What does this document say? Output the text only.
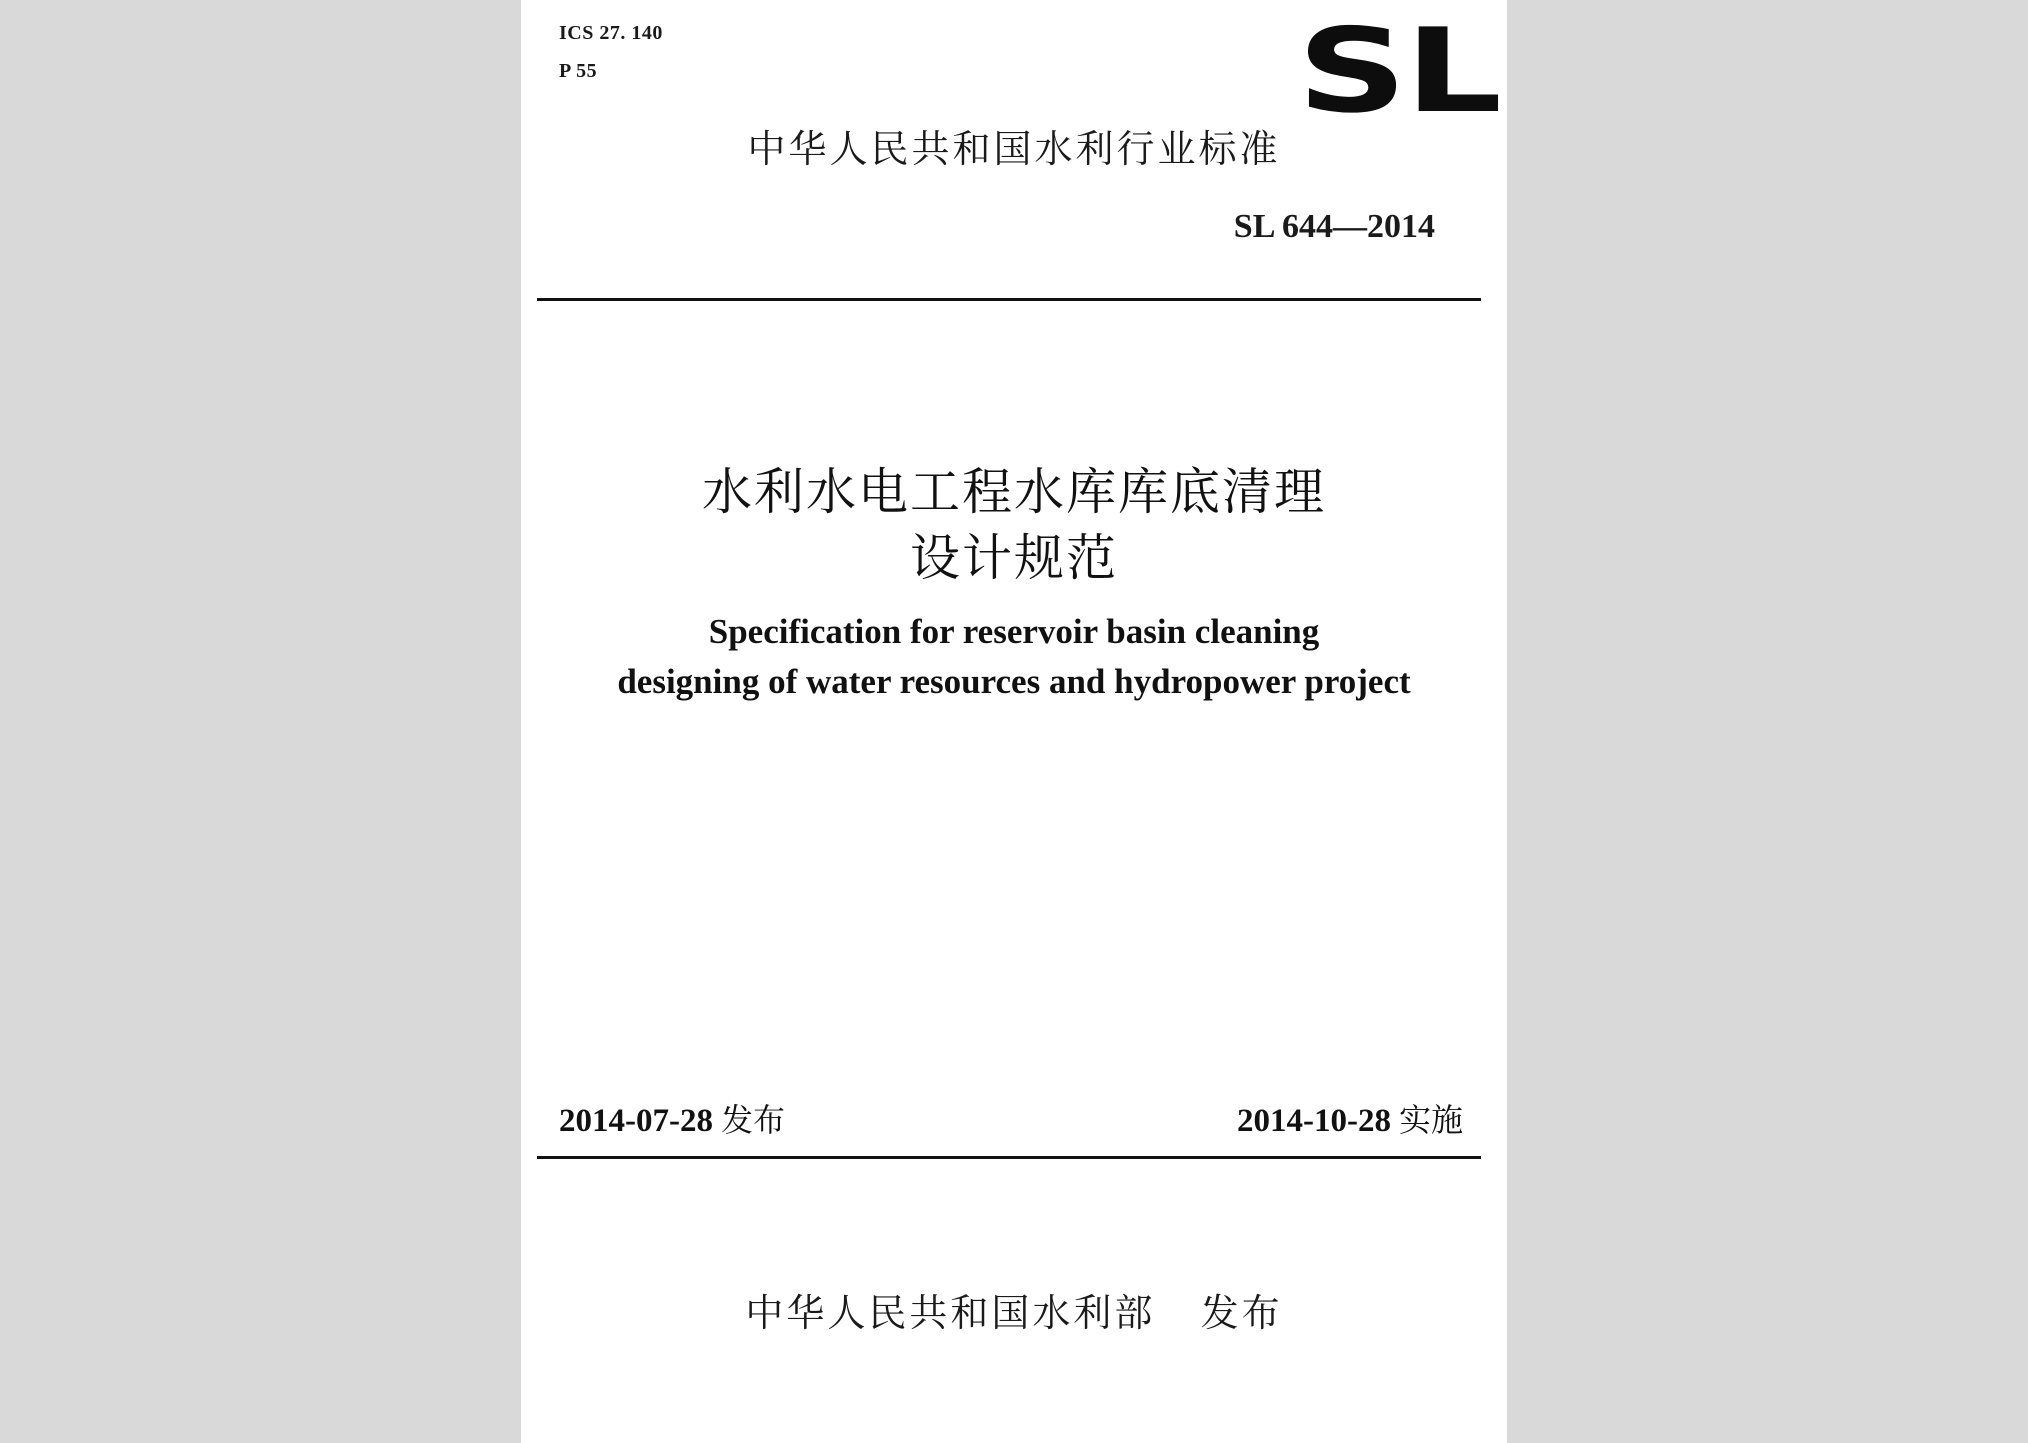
ICS 27. 140
P 55	SL
中华人民共和国水利行业标准
SL 644—2014
水利水电工程水库库底清理
设计规范
Specification for reservoir basin cleaning
designing of water resources and hydropower project
2014-07-28 发布	2014-10-28 实施
中华人民共和国水利部   发布
